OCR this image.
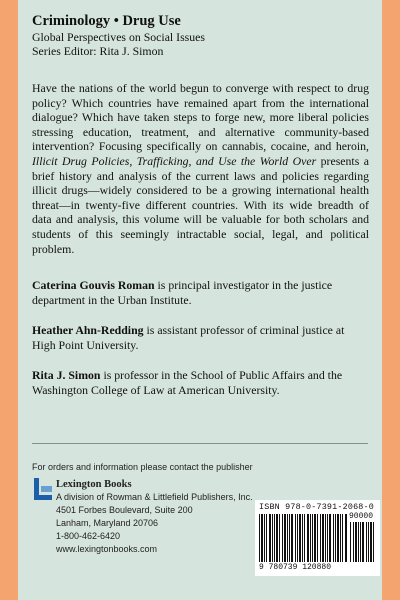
Criminology • Drug Use
Global Perspectives on Social Issues
Series Editor: Rita J. Simon

Have the nations of the world begun to converge with respect to drug policy? Which countries have remained apart from the international dialogue? Which have taken steps to forge new, more liberal policies stressing education, treatment, and alternative community-based intervention? Focusing specifically on cannabis, cocaine, and heroin, Illicit Drug Policies, Trafficking, and Use the World Over presents a brief history and analysis of the current laws and policies regarding illicit drugs—widely considered to be a growing international health threat—in twenty-five different countries. With its wide breadth of data and analysis, this volume will be valuable for both scholars and students of this seemingly intractable social, legal, and political problem.

Caterina Gouvis Roman is principal investigator in the justice department in the Urban Institute.

Heather Ahn-Redding is assistant professor of criminal justice at High Point University.

Rita J. Simon is professor in the School of Public Affairs and the Washington College of Law at American University.

For orders and information please contact the publisher
Lexington Books
A division of Rowman & Littlefield Publishers, Inc.
4501 Forbes Boulevard, Suite 200
Lanham, Maryland 20706
1-800-462-6420
www.lexingtonbooks.com
ISBN 978-0-7391-2068-0
90000
9 780739 120880
